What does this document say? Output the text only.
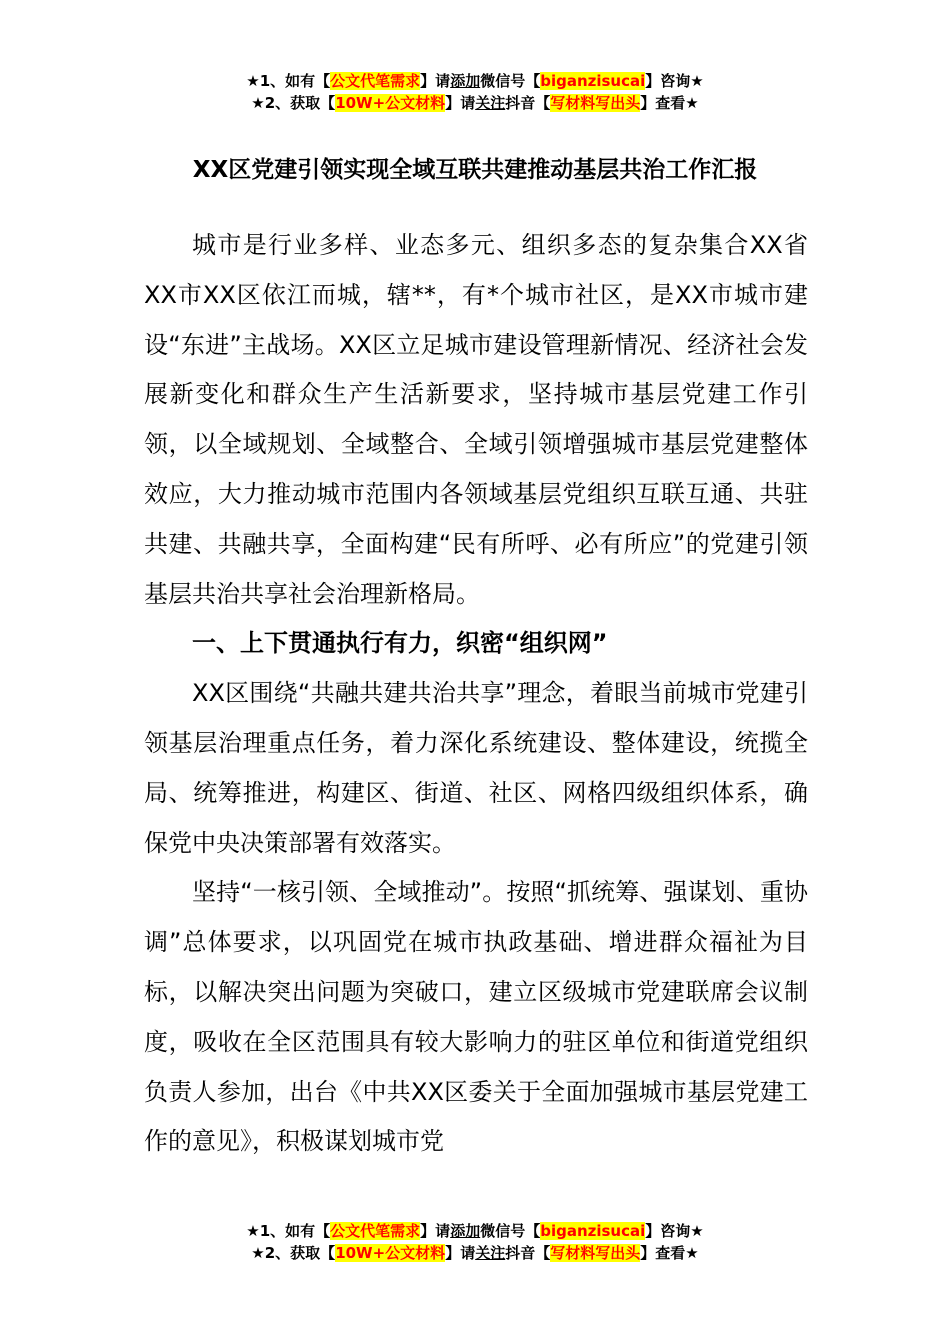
★1、如有【公文代笔需求】请添加微信号【biganzisucai】咨询★
★2、获取【10W+公文材料】请关注抖音【写材料写出头】查看★
XX区党建引领实现全域互联共建推动基层共治工作汇报

城市是行业多样、业态多元、组织多态的复杂集合XX省XX市XX区依江而城，辖**，有*个城市社区，是XX市城市建设“东进”主战场。XX区立足城市建设管理新情况、经济社会发展新变化和群众生产生活新要求，坚持城市基层党建工作引领，以全域规划、全域整合、全域引领增强城市基层党建整体效应，大力推动城市范围内各领域基层党组织互联互通、共驻共建、共融共享，全面构建“民有所呼、必有所应”的党建引领基层共治共享社会治理新格局。

一、上下贯通执行有力，织密“组织网”

XX区围绕“共融共建共治共享”理念，着眼当前城市党建引领基层治理重点任务，着力深化系统建设、整体建设，统揽全局、统筹推进，构建区、街道、社区、网格四级组织体系，确保党中央决策部署有效落实。

坚持“一核引领、全域推动”。按照“抓统筹、强谋划、重协调”总体要求，以巩固党在城市执政基础、增进群众福祉为目标，以解决突出问题为突破口，建立区级城市党建联席会议制度，吸收在全区范围具有较大影响力的驻区单位和街道党组织负责人参加，出台《中共XX区委关于全面加强城市基层党建工作的意见》，积极谋划城市党

★1、如有【公文代笔需求】请添加微信号【biganzisucai】咨询★
★2、获取【10W+公文材料】请关注抖音【写材料写出头】查看★
